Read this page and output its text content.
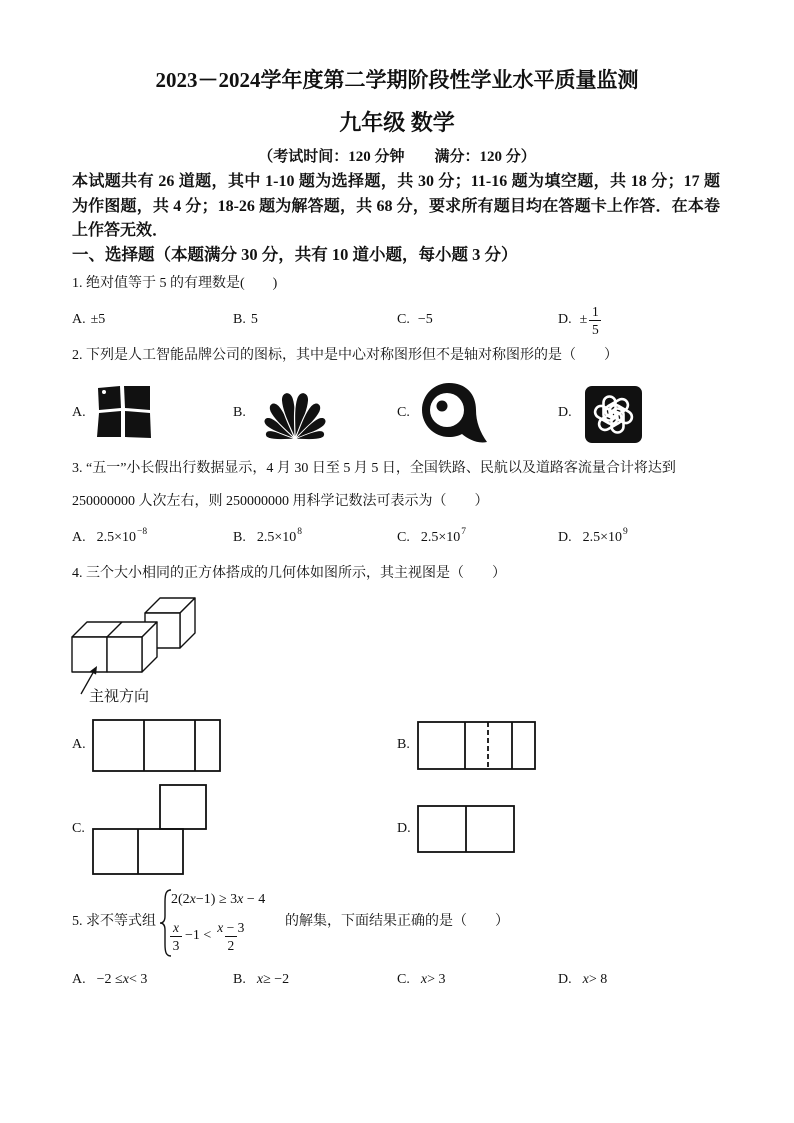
2023－2024学年度第二学期阶段性学业水平质量监测
九年级 数学
（考试时间：120 分钟　　满分：120 分）
本试题共有 26 道题，其中 1-10 题为选择题，共 30 分；11-16 题为填空题，共 18 分；17 题
为作图题，共 4 分；18-26 题为解答题，共 68 分，要求所有题目均在答题卡上作答．在本卷
上作答无效．
一、选择题（本题满分 30 分，共有 10 道小题，每小题 3 分）
1. 绝对值等于 5 的有理数是(　　)
A. ±5	B. 5	C. −5	D. ± $\frac{1}{5}$
2. 下列是人工智能品牌公司的图标，其中是中心对称图形但不是轴对称图形的是（　　）
A.	B.	C.	D.
3. “五一”小长假出行数据显示，4 月 30 日至 5 月 5 日，全国铁路、民航以及道路客流量合计将达到
250000000 人次左右，则 250000000 用科学记数法可表示为（　　）
A. 2.5×10 −8	B. 2.5×10 8	C. 2.5×10 7	D. 2.5×10 9
4. 三个大小相同的正方体搭成的几何体如图所示，其主视图是（　　）
主视方向
A.	B.
C.	D.
5. 求不等式组
2(2x−1) ≥ 3x − 4
$\frac{x}{3} -1 < \frac{x - 3}{2}$	的解集，下面结果正确的是（　　）
A. −2 ≤ x < 3	B. x ≥ −2	C. x > 3	D. x > 8
